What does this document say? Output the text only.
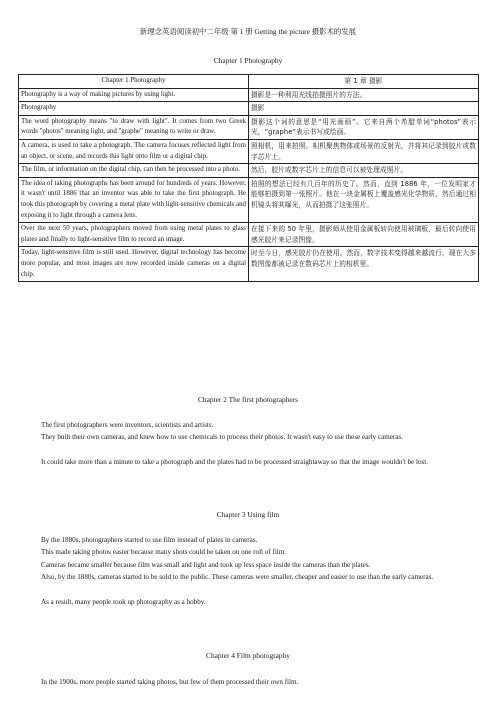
新理念英语阅读初中二年级 第 1 册 Getting the picture 摄影术的发展
Chapter 1 Photography
Chapter 1 Photography	第 1 章 摄影
Photography is a way of making pictures by using light.	摄影是一种利用光线拍摄照片的方法。
Photography	摄影
The word photography means "to draw with light". It comes from two Greek words "photos" meaning light, and "graphe" meaning to write or draw.	摄影这个词的意思是“用光画画”。它来自两个希腊单词“photos”表示光，“graphe”表示书写或绘画。
A camera, is used to take a photograph. The camera focuses reflected light from an object, or scene, and records this light onto film or a digital chip.	照相机，用来拍照。相机聚焦物体或场景的反射光，并将其记录到胶片或数字芯片上。
The film, or information on the digital chip, can then be processed into a photo.	然后，胶片或数字芯片上的信息可以被处理成照片。
The idea of taking photographs has been around for hundreds of years. However, it wasn't until 1886 that an inventor was able to take the first photograph. He took this photograph by covering a metal plate with light-sensitive chemicals and exposing it to light through a camera lens.	拍照的想法已经有几百年的历史了。然而，直到 1886 年，一位发明家才能够拍摄到第一张照片。他在一块金属板上覆盖感光化学物质，然后通过相机镜头将其曝光，从而拍摄了这张照片。
Over the next 50 years, photographers moved from using metal plates to glass plates and finally to light-sensitive film to record an image.	在接下来的 50 年里，摄影师从使用金属板转向使用玻璃板，最后转向使用感光胶片来记录图像。
Today, light-sensitive film is still used. However, digital technology has become more popular, and most images are now recorded inside cameras on a digital chip.	时至今日，感光胶片仍在使用。然而，数字技术变得越来越流行，现在大多数图像都被记录在数码芯片上的相机里。
Chapter 2 The first photographers
The first photographers were inventors, scientists and artists.
They built their own cameras, and knew how to use chemicals to process their photos. It wasn't easy to use these early cameras.
It could take more than a minute to take a photograph and the plates had to be processed straightaway so that the image wouldn't be lost.
Chapter 3 Using film
By the 1880s, photographers started to use film instead of plates in cameras.
This made taking photos easier because many shots could be taken on one roll of film.
Cameras became smaller because film was small and light and took up less space inside the cameras than the plates.
Also, by the 1880s, cameras started to be sold to the public. These cameras were smaller, cheaper and easier to use than the early cameras.
As a result, many people took up photography as a hobby.
Chapter 4 Film photography
In the 1900s, more people started taking photos, but few of them processed their own film.
